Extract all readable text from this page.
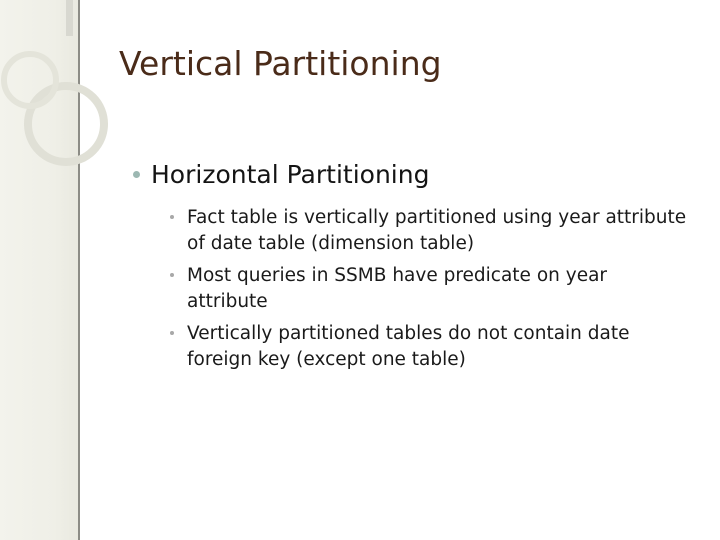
Vertical Partitioning
Horizontal Partitioning
Fact table is vertically partitioned using year attribute of date table (dimension table)
Most queries in SSMB have predicate on year attribute
Vertically partitioned tables do not contain date foreign key (except one table)
